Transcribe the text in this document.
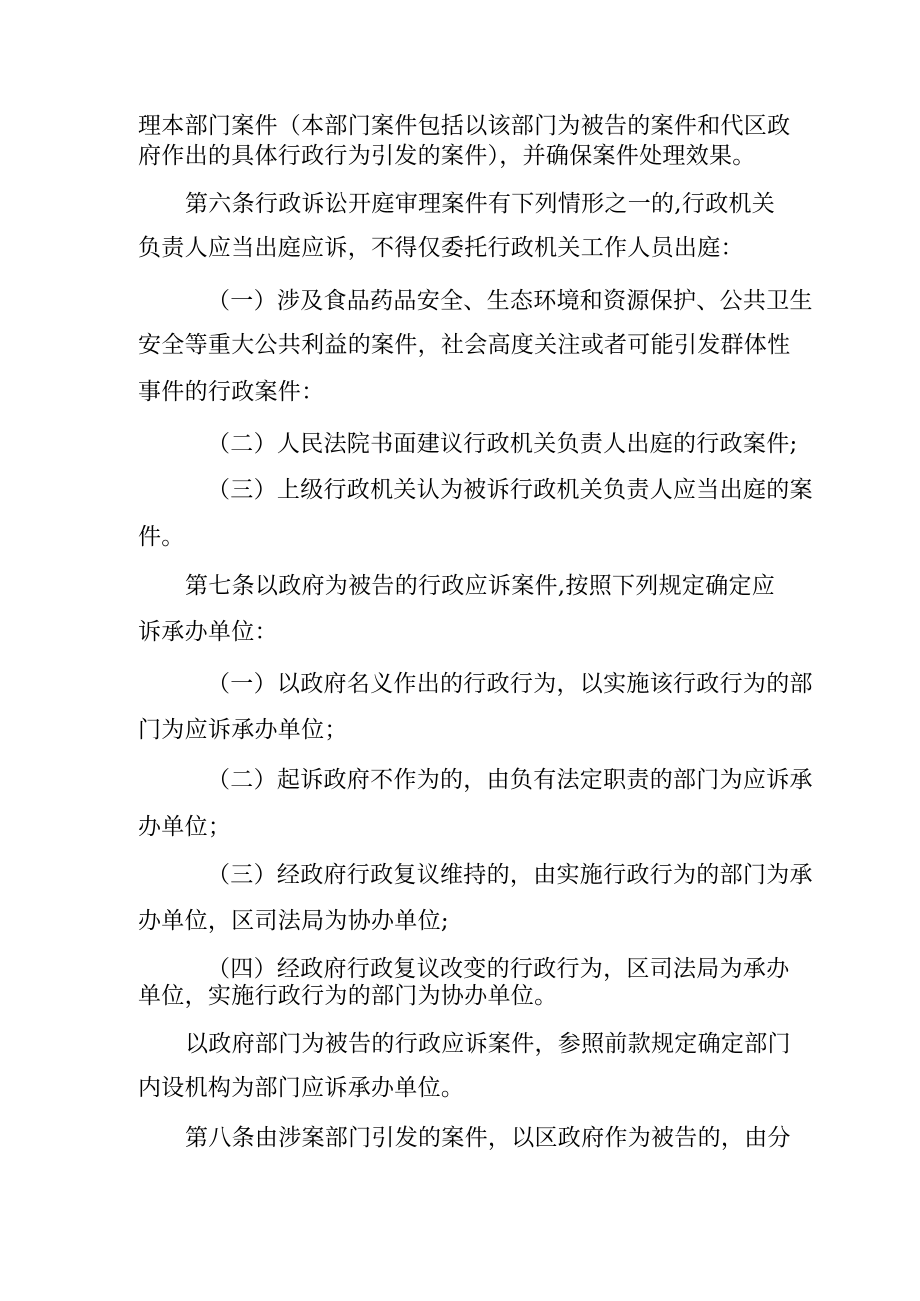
理本部门案件（本部门案件包括以该部门为被告的案件和代区政
府作出的具体行政行为引发的案件），并确保案件处理效果。
第六条行政诉讼开庭审理案件有下列情形之一的,行政机关
负责人应当出庭应诉，不得仅委托行政机关工作人员出庭：
（一）涉及食品药品安全、生态环境和资源保护、公共卫生
安全等重大公共利益的案件，社会高度关注或者可能引发群体性
事件的行政案件：
（二）人民法院书面建议行政机关负责人出庭的行政案件;
（三）上级行政机关认为被诉行政机关负责人应当出庭的案
件。
第七条以政府为被告的行政应诉案件,按照下列规定确定应
诉承办单位：
（一）以政府名义作出的行政行为，以实施该行政行为的部
门为应诉承办单位；
（二）起诉政府不作为的，由负有法定职责的部门为应诉承
办单位；
（三）经政府行政复议维持的，由实施行政行为的部门为承
办单位，区司法局为协办单位;
（四）经政府行政复议改变的行政行为，区司法局为承办
单位，实施行政行为的部门为协办单位。
以政府部门为被告的行政应诉案件，参照前款规定确定部门
内设机构为部门应诉承办单位。
第八条由涉案部门引发的案件，以区政府作为被告的，由分
